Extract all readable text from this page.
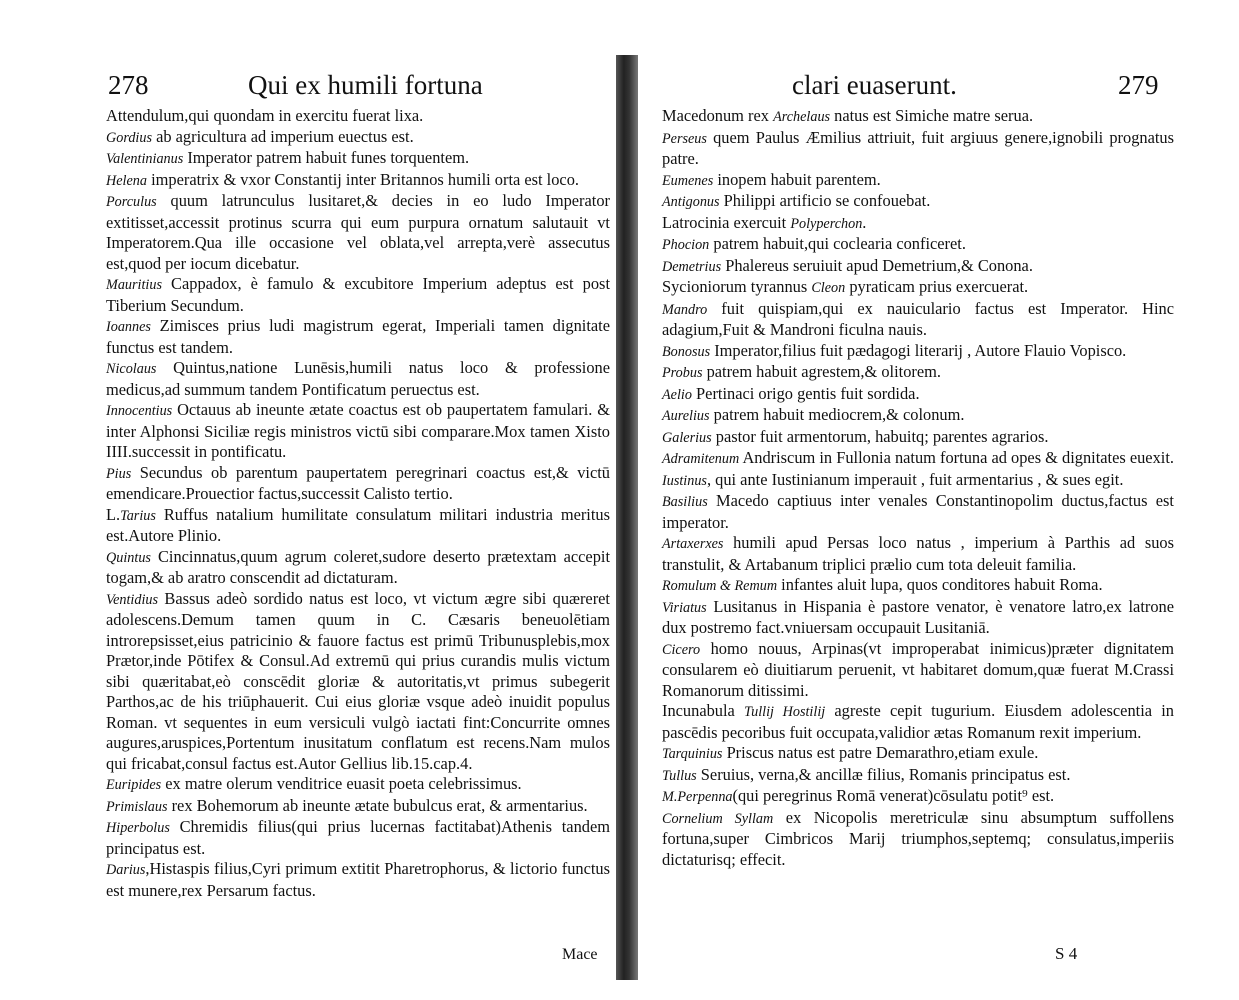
278	Qui ex humili fortuna

Attendulum,qui quondam in exercitu fuerat lixa.

Gordius ab agricultura ad imperium euectus est.

Valentinianus Imperator patrem habuit funes torquentem.

Helena imperatrix & vxor Constantij inter Britannos humili orta est loco.

Porculus quum latrunculus lusitaret,& decies in eo ludo Imperator extitisset,accessit protinus scurra qui eum purpura ornatum salutauit vt Imperatorem.Qua ille occasione vel oblata,vel arrepta,verè assecutus est,quod per iocum dicebatur.

Mauritius Cappadox, è famulo & excubitore Imperium adeptus est post Tiberium Secundum.

Ioannes Zimisces prius ludi magistrum egerat, Imperiali tamen dignitate functus est tandem.

Nicolaus Quintus,natione Lunēsis,humili natus loco & professione medicus,ad summum tandem Pontificatum peruectus est.

Innocentius Octauus ab ineunte ætate coactus est ob paupertatem famulari. & inter Alphonsi Siciliæ regis ministros victū sibi comparare.Mox tamen Xisto IIII.successit in pontificatu.

Pius Secundus ob parentum paupertatem peregrinari coactus est,& victū emendicare.Prouectior factus,successit Calisto tertio.

L.Tarius Ruffus natalium humilitate consulatum militari industria meritus est.Autore Plinio.

Quintus Cincinnatus,quum agrum coleret,sudore deserto prætextam accepit togam,& ab aratro conscendit ad dictaturam.

Ventidius Bassus adeò sordido natus est loco, vt victum ægre sibi quæreret adolescens.Demum tamen quum in C. Cæsaris beneuolētiam introrepsisset,eius patricinio & fauore factus est primū Tribunusplebis,mox Prætor,inde Pōtifex & Consul.Ad extremū qui prius curandis mulis victum sibi quæritabat,eò conscēdit gloriæ & autoritatis,vt primus subegerit Parthos,ac de his triūphauerit. Cui eius gloriæ vsque adeò inuidit populus Roman. vt sequentes in eum versiculi vulgò iactati fint:Concurrite omnes augures,aruspices,Portentum inusitatum conflatum est recens.Nam mulos qui fricabat,consul factus est.Autor Gellius lib.15.cap.4.

Euripides ex matre olerum venditrice euasit poeta celebrissimus.

Primislaus rex Bohemorum ab ineunte ætate bubulcus erat, & armentarius.

Hiperbolus Chremidis filius(qui prius lucernas factitabat)Athenis tandem principatus est.

Darius,Histaspis filius,Cyri primum extitit Pharetrophorus, & lictorio functus est munere,rex Persarum factus.

Mace
clari euaserunt.	279

Macedonum rex Archelaus natus est Simiche matre serua.

Perseus quem Paulus Æmilius attriuit, fuit argiuus genere,ignobili prognatus patre.

Eumenes inopem habuit parentem.

Antigonus Philippi artificio se confouebat.

Latrocinia exercuit Polyperchon.

Phocion patrem habuit,qui coclearia conficeret.

Demetrius Phalereus seruiuit apud Demetrium,& Conona.

Sycioniorum tyrannus Cleon pyraticam prius exercuerat.

Mandro fuit quispiam,qui ex nauiculario factus est Imperator. Hinc adagium,Fuit & Mandroni ficulna nauis.

Bonosus Imperator,filius fuit pædagogi literarij , Autore Flauio Vopisco.

Probus patrem habuit agrestem,& olitorem.

Aelio Pertinaci origo gentis fuit sordida.

Aurelius patrem habuit mediocrem,& colonum.

Galerius pastor fuit armentorum, habuitq; parentes agrarios.

Adramitenum Andriscum in Fullonia natum fortuna ad opes & dignitates euexit.

Iustinus, qui ante Iustinianum imperauit , fuit armentarius , & sues egit.

Basilius Macedo captiuus inter venales Constantinopolim ductus,factus est imperator.

Artaxerxes humili apud Persas loco natus , imperium à Parthis ad suos transtulit, & Artabanum triplici prælio cum tota deleuit familia.

Romulum & Remum infantes aluit lupa, quos conditores habuit Roma.

Viriatus Lusitanus in Hispania è pastore venator, è venatore latro,ex latrone dux postremo fact.vniuersam occupauit Lusitaniā.

Cicero homo nouus, Arpinas(vt improperabat inimicus)præter dignitatem consularem eò diuitiarum peruenit, vt habitaret domum,quæ fuerat M.Crassi Romanorum ditissimi.

Incunabula Tullij Hostilij agreste cepit tugurium. Eiusdem adolescentia in pascēdis pecoribus fuit occupata,validior ætas Romanum rexit imperium.

Tarquinius Priscus natus est patre Demarathro,etiam exule.

Tullus Seruius, verna,& ancillæ filius, Romanis principatus est.

M.Perpenna(qui peregrinus Romā venerat)cōsulatu potit⁹ est.

Cornelium Syllam ex Nicopolis meretriculæ sinu absumptum suffollens fortuna,super Cimbricos Marij triumphos,septemq; consulatus,imperiis dictaturisq; effecit.

S 4
